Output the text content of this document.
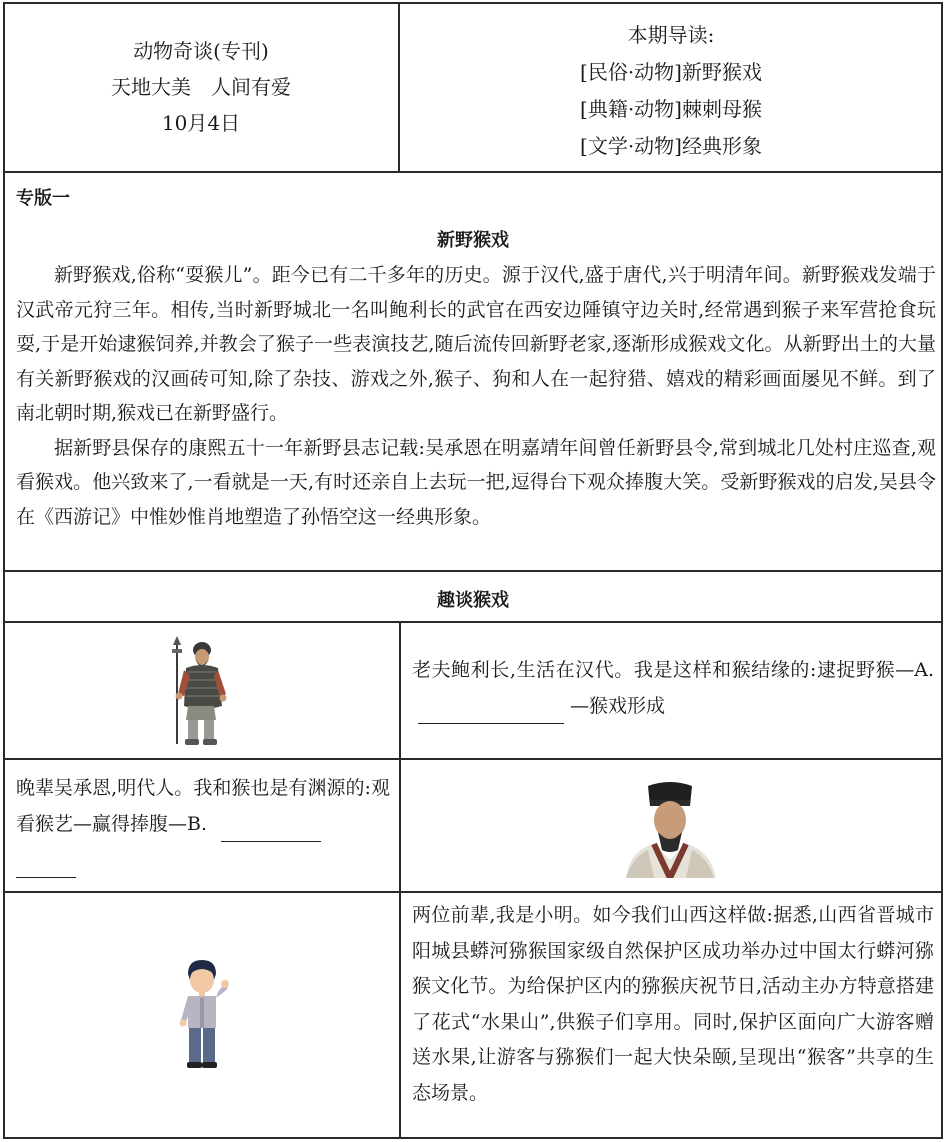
动物奇谈(专刊)
天地大美　人间有爱
10月4日
本期导读:
[民俗·动物]新野猴戏
[典籍·动物]棘刺母猴
[文学·动物]经典形象
专版一
新野猴戏

新野猴戏,俗称“耍猴儿”。距今已有二千多年的历史。源于汉代,盛于唐代,兴于明清年间。新野猴戏发端于汉武帝元狩三年。相传,当时新野城北一名叫鲍利长的武官在西安边陲镇守边关时,经常遇到猴子来军营抢食玩耍,于是开始逮猴饲养,并教会了猴子一些表演技艺,随后流传回新野老家,逐渐形成猴戏文化。从新野出土的大量有关新野猴戏的汉画砖可知,除了杂技、游戏之外,猴子、狗和人在一起狩猎、嬉戏的精彩画面屡见不鲜。到了南北朝时期,猴戏已在新野盛行。

据新野县保存的康熙五十一年新野县志记载:吴承恩在明嘉靖年间曾任新野县令,常到城北几处村庄巡查,观看猴戏。他兴致来了,一看就是一天,有时还亲自上去玩一把,逗得台下观众捧腹大笑。受新野猴戏的启发,吴县令在《西游记》中惟妙惟肖地塑造了孙悟空这一经典形象。

趣谈猴戏
老夫鲍利长,生活在汉代。我是这样和猴结缘的:逮捉野猴—A. —猴戏形成
晚辈吴承恩,明代人。我和猴也是有渊源的:观看猴艺—赢得捧腹—B.

两位前辈,我是小明。如今我们山西这样做:据悉,山西省晋城市阳城县蟒河猕猴国家级自然保护区成功举办过中国太行蟒河猕猴文化节。为给保护区内的猕猴庆祝节日,活动主办方特意搭建了花式“水果山”,供猴子们享用。同时,保护区面向广大游客赠送水果,让游客与猕猴们一起大快朵颐,呈现出“猴客”共享的生态场景。
